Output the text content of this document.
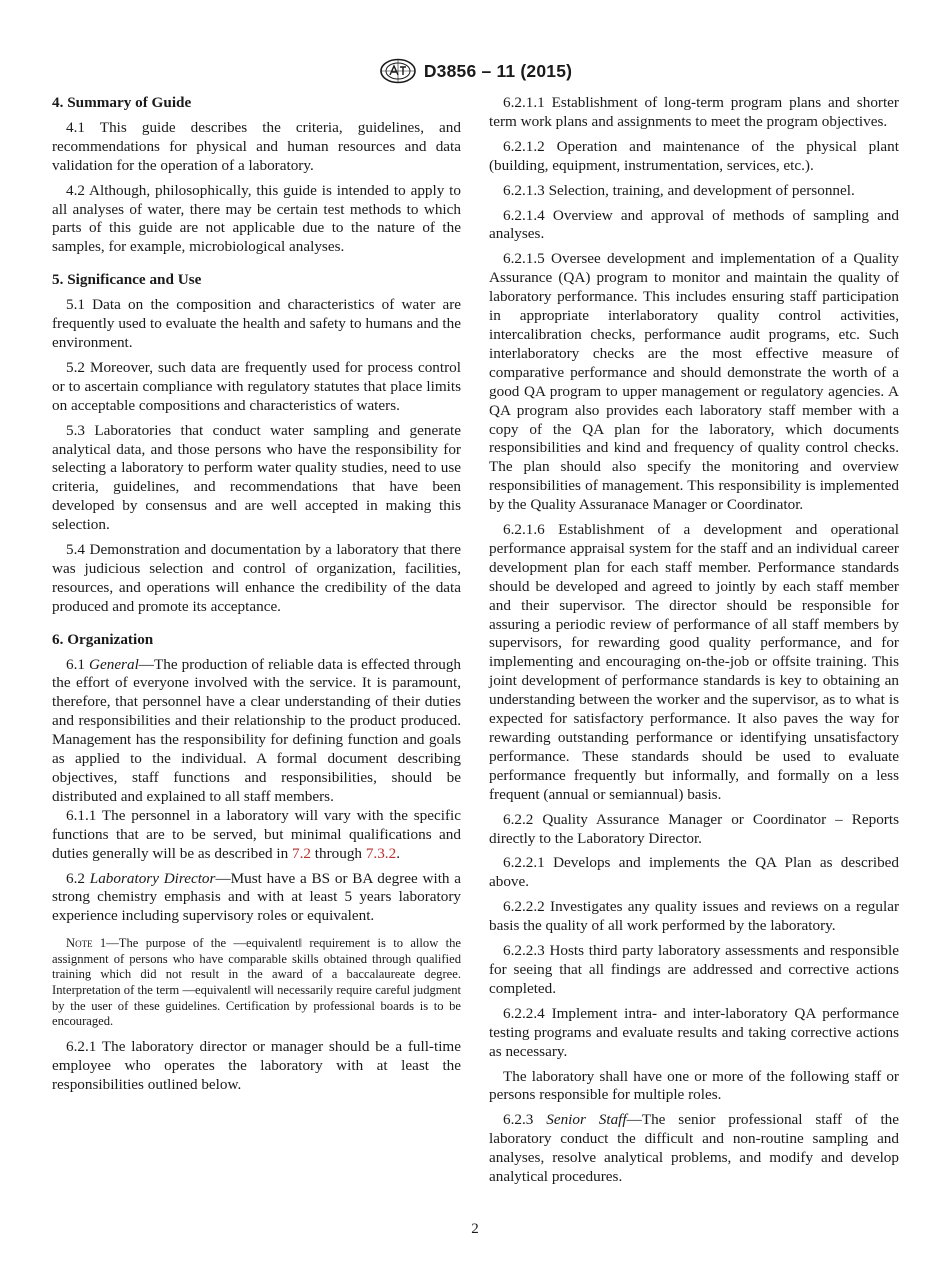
D3856 – 11 (2015)
4. Summary of Guide

4.1 This guide describes the criteria, guidelines, and recommendations for physical and human resources and data validation for the operation of a laboratory.

4.2 Although, philosophically, this guide is intended to apply to all analyses of water, there may be certain test methods to which parts of this guide are not applicable due to the nature of the samples, for example, microbiological analyses.

5. Significance and Use

5.1 Data on the composition and characteristics of water are frequently used to evaluate the health and safety to humans and the environment.

5.2 Moreover, such data are frequently used for process control or to ascertain compliance with regulatory statutes that place limits on acceptable compositions and characteristics of waters.

5.3 Laboratories that conduct water sampling and generate analytical data, and those persons who have the responsibility for selecting a laboratory to perform water quality studies, need to use criteria, guidelines, and recommendations that have been developed by consensus and are well accepted in making this selection.

5.4 Demonstration and documentation by a laboratory that there was judicious selection and control of organization, facilities, resources, and operations will enhance the credibility of the data produced and promote its acceptance.

6. Organization

6.1 General—The production of reliable data is effected through the effort of everyone involved with the service. It is paramount, therefore, that personnel have a clear understanding of their duties and responsibilities and their relationship to the product produced. Management has the responsibility for defining function and goals as applied to the individual. A formal document describing objectives, staff functions and responsibilities, should be distributed and explained to all staff members.

6.1.1 The personnel in a laboratory will vary with the specific functions that are to be served, but minimal qualifications and duties generally will be as described in 7.2 through 7.3.2.

6.2 Laboratory Director—Must have a BS or BA degree with a strong chemistry emphasis and with at least 5 years laboratory experience including supervisory roles or equivalent.

Note 1—The purpose of the —equivalent‖ requirement is to allow the assignment of persons who have comparable skills obtained through qualified training which did not result in the award of a baccalaureate degree. Interpretation of the term —equivalent‖ will necessarily require careful judgment by the user of these guidelines. Certification by professional boards is to be encouraged.

6.2.1 The laboratory director or manager should be a full-time employee who operates the laboratory with at least the responsibilities outlined below.

6.2.1.1 Establishment of long-term program plans and shorter term work plans and assignments to meet the program objectives.

6.2.1.2 Operation and maintenance of the physical plant (building, equipment, instrumentation, services, etc.).

6.2.1.3 Selection, training, and development of personnel.

6.2.1.4 Overview and approval of methods of sampling and analyses.

6.2.1.5 Oversee development and implementation of a Quality Assurance (QA) program to monitor and maintain the quality of laboratory performance. This includes ensuring staff participation in appropriate interlaboratory quality control activities, intercalibration checks, performance audit programs, etc. Such interlaboratory checks are the most effective measure of comparative performance and should demonstrate the worth of a good QA program to upper management or regulatory agencies. A QA program also provides each laboratory staff member with a copy of the QA plan for the laboratory, which documents responsibilities and kind and frequency of quality control checks. The plan should also specify the monitoring and overview responsibilities of management. This responsibility is implemented by the Quality Assuranace Manager or Coordinator.

6.2.1.6 Establishment of a development and operational performance appraisal system for the staff and an individual career development plan for each staff member. Performance standards should be developed and agreed to jointly by each staff member and their supervisor. The director should be responsible for assuring a periodic review of performance of all staff members by supervisors, for rewarding good quality performance, and for implementing and encouraging on-the-job or offsite training. This joint development of performance standards is key to obtaining an understanding between the worker and the supervisor, as to what is expected for satisfactory performance. It also paves the way for rewarding outstanding performance or identifying unsatisfactory performance. These standards should be used to evaluate performance frequently but informally, and formally on a less frequent (annual or semiannual) basis.

6.2.2 Quality Assurance Manager or Coordinator – Reports directly to the Laboratory Director.

6.2.2.1 Develops and implements the QA Plan as described above.

6.2.2.2 Investigates any quality issues and reviews on a regular basis the quality of all work performed by the laboratory.

6.2.2.3 Hosts third party laboratory assessments and responsible for seeing that all findings are addressed and corrective actions completed.

6.2.2.4 Implement intra- and inter-laboratory QA performance testing programs and evaluate results and taking corrective actions as necessary.

The laboratory shall have one or more of the following staff or persons responsible for multiple roles.

6.2.3 Senior Staff—The senior professional staff of the laboratory conduct the difficult and non-routine sampling and analyses, resolve analytical problems, and modify and develop analytical procedures.

2
